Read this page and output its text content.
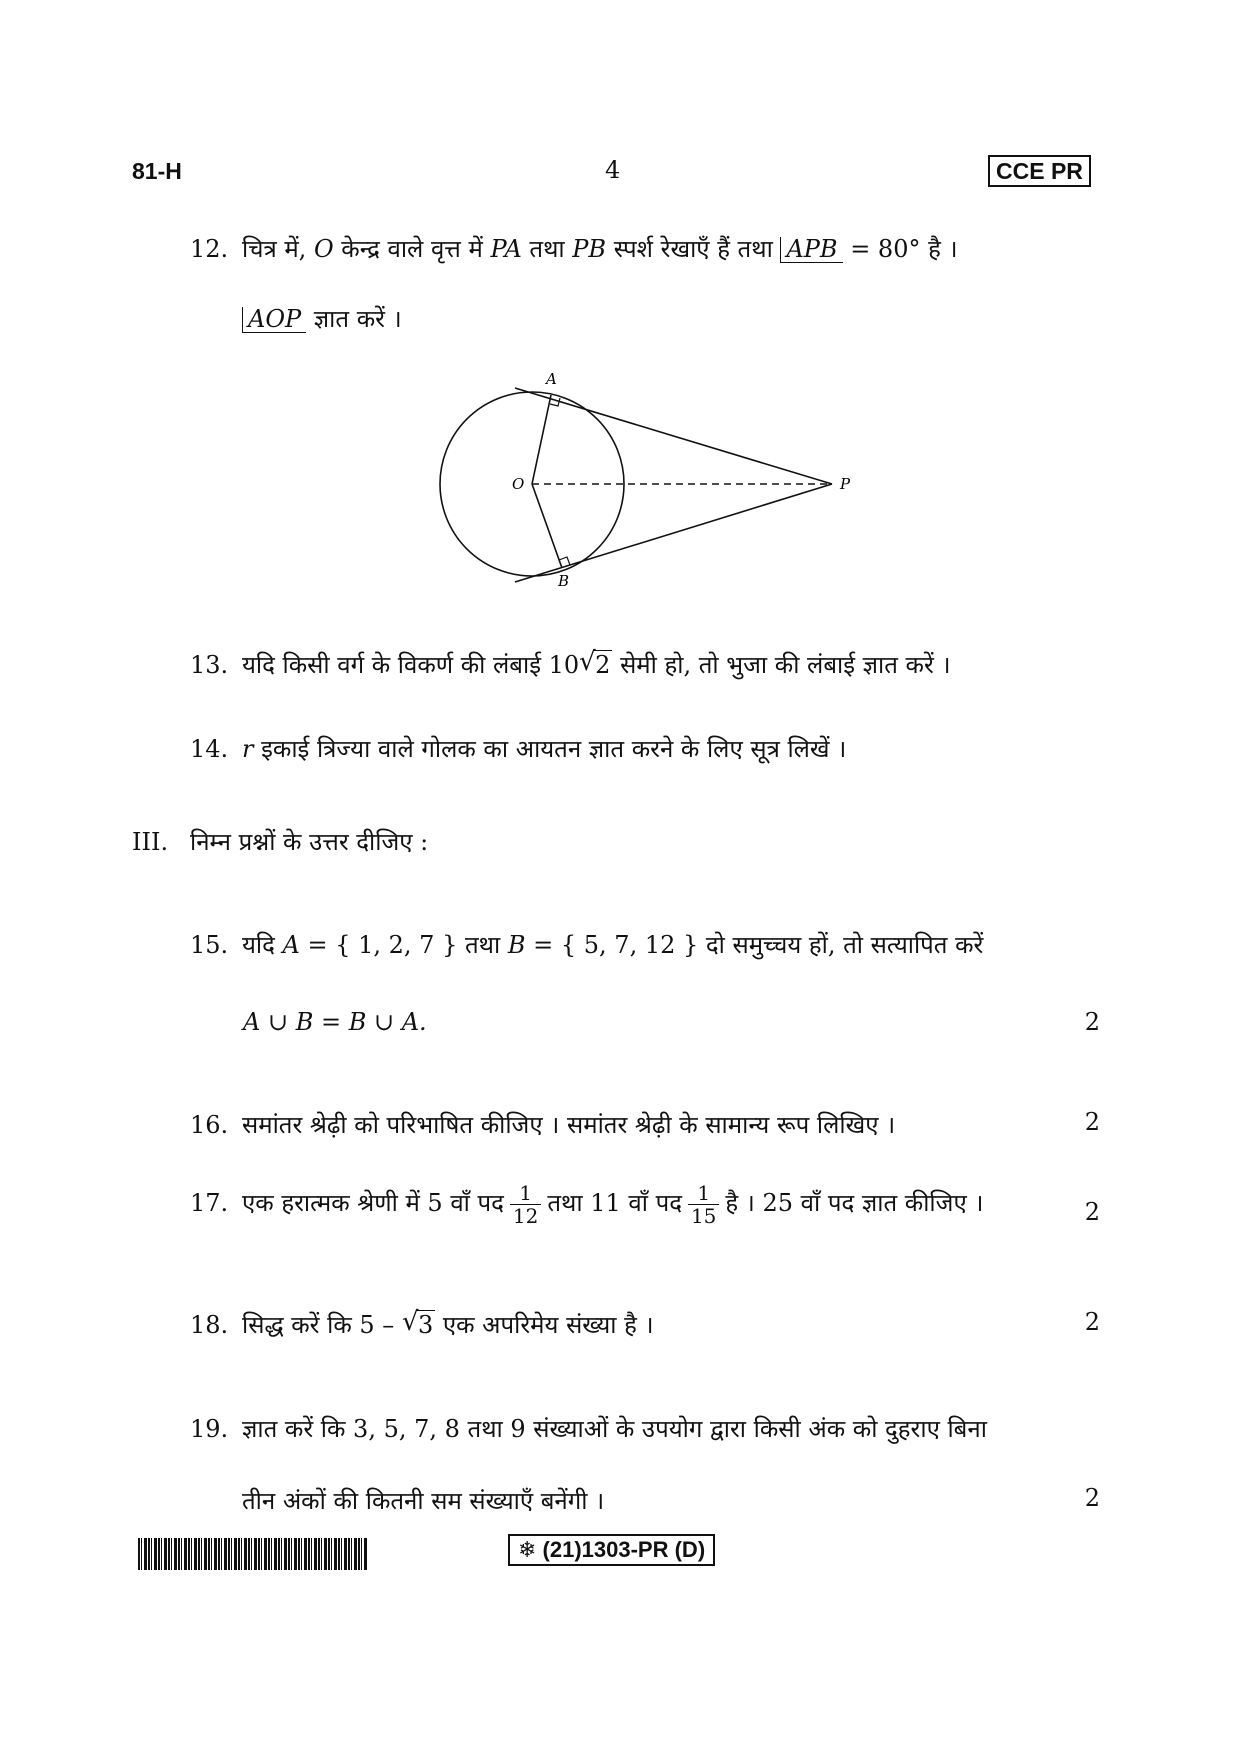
81-H	4	CCE PR
12. चित्र में, O केन्द्र वाले वृत्त में PA तथा PB स्पर्श रेखाएँ हैं तथा APB = 80° है ।
AOP ज्ञात करें ।
A
O	P
B
13. यदि किसी वर्ग के विकर्ण की लंबाई 10 √ 2 सेमी हो, तो भुजा की लंबाई ज्ञात करें ।
14. r इकाई त्रिज्या वाले गोलक का आयतन ज्ञात करने के लिए सूत्र लिखें ।
III. निम्न प्रश्नों के उत्तर दीजिए :
15. यदि A = { 1, 2, 7 } तथा B = { 5, 7, 12 } दो समुच्चय हों, तो सत्यापित करें
A ∪ B = B ∪ A.	2
16. समांतर श्रेढ़ी को परिभाषित कीजिए । समांतर श्रेढ़ी के सामान्य रूप लिखिए ।	2
17. एक हरात्मक श्रेणी में 5 वाँ पद $\frac{1}{12}$ तथा 11 वाँ पद $\frac{1}{15}$ है । 25 वाँ पद ज्ञात कीजिए ।	2
18. सिद्ध करें कि 5 – √ 3 एक अपरिमेय संख्या है ।	2
19. ज्ञात करें कि 3, 5, 7, 8 तथा 9 संख्याओं के उपयोग द्वारा किसी अंक को दुहराए बिना
तीन अंकों की कितनी सम संख्याएँ बनेंगी ।	2
❄ (21)1303-PR (D)
